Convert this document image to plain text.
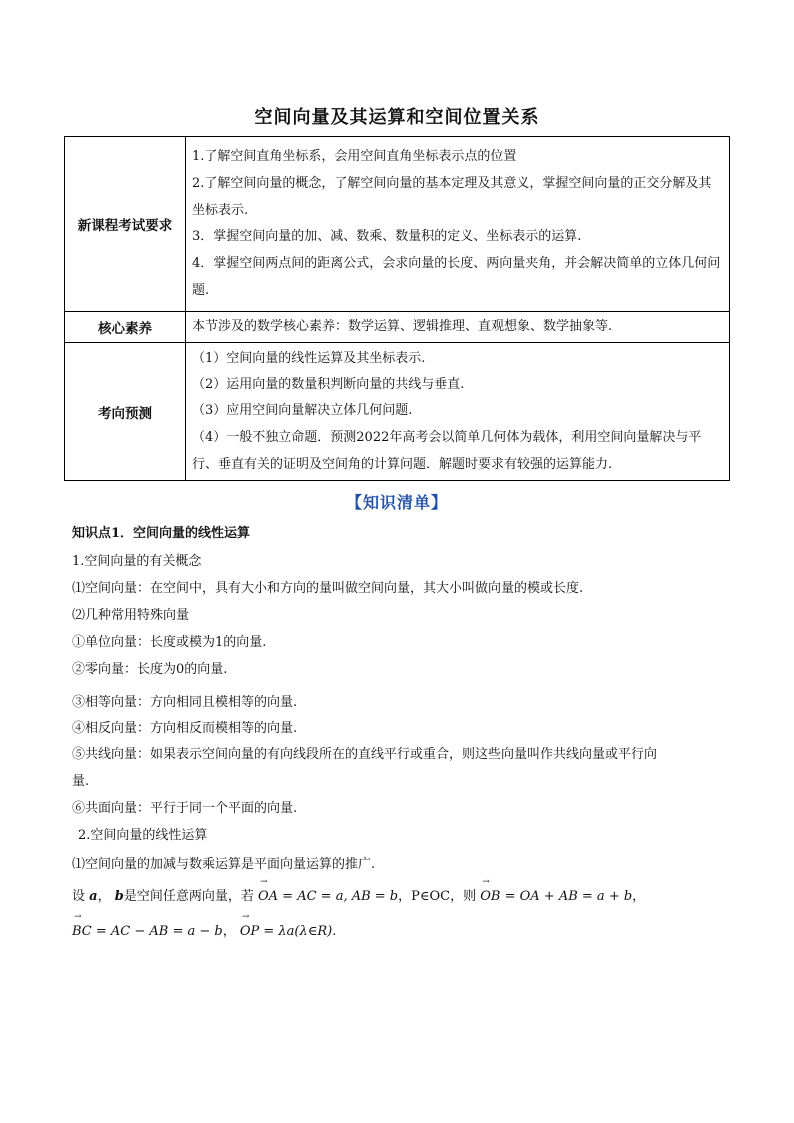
空间向量及其运算和空间位置关系
新课程考试要求	1.了解空间直角坐标系，会用空间直角坐标表示点的位置
2.了解空间向量的概念，了解空间向量的基本定理及其意义，掌握空间向量的正交分解及其坐标表示.
3．掌握空间向量的加、减、数乘、数量积的定义、坐标表示的运算.
4．掌握空间两点间的距离公式，会求向量的长度、两向量夹角，并会解决简单的立体几何问题.

核心素养	本节涉及的数学核心素养：数学运算、逻辑推理、直观想象、数学抽象等.

考向预测	（1）空间向量的线性运算及其坐标表示.
（2）运用向量的数量积判断向量的共线与垂直.
（3）应用空间向量解决立体几何问题.
（4）一般不独立命题．预测2022年高考会以简单几何体为载体，利用空间向量解决与平行、垂直有关的证明及空间角的计算问题．解题时要求有较强的运算能力.
【知识清单】
知识点1．空间向量的线性运算
1.空间向量的有关概念
⑴空间向量：在空间中，具有大小和方向的量叫做空间向量，其大小叫做向量的模或长度.
⑵几种常用特殊向量
①单位向量：长度或模为1的向量.
②零向量：长度为0的向量.
③相等向量：方向相同且模相等的向量.
④相反向量：方向相反而模相等的向量.
⑤共线向量：如果表示空间向量的有向线段所在的直线平行或重合，则这些向量叫作共线向量或平行向
量.
⑥共面向量：平行于同一个平面的向量.
2.空间向量的线性运算
⑴空间向量的加减与数乘运算是平面向量运算的推广.
设 a， b是空间任意两向量，若 → OA = AC = a, AB = b，P∈OC，则 → OB = OA + AB = a + b，
→ BC = AC − AB = a − b， → OP = λa(λ∈R).
